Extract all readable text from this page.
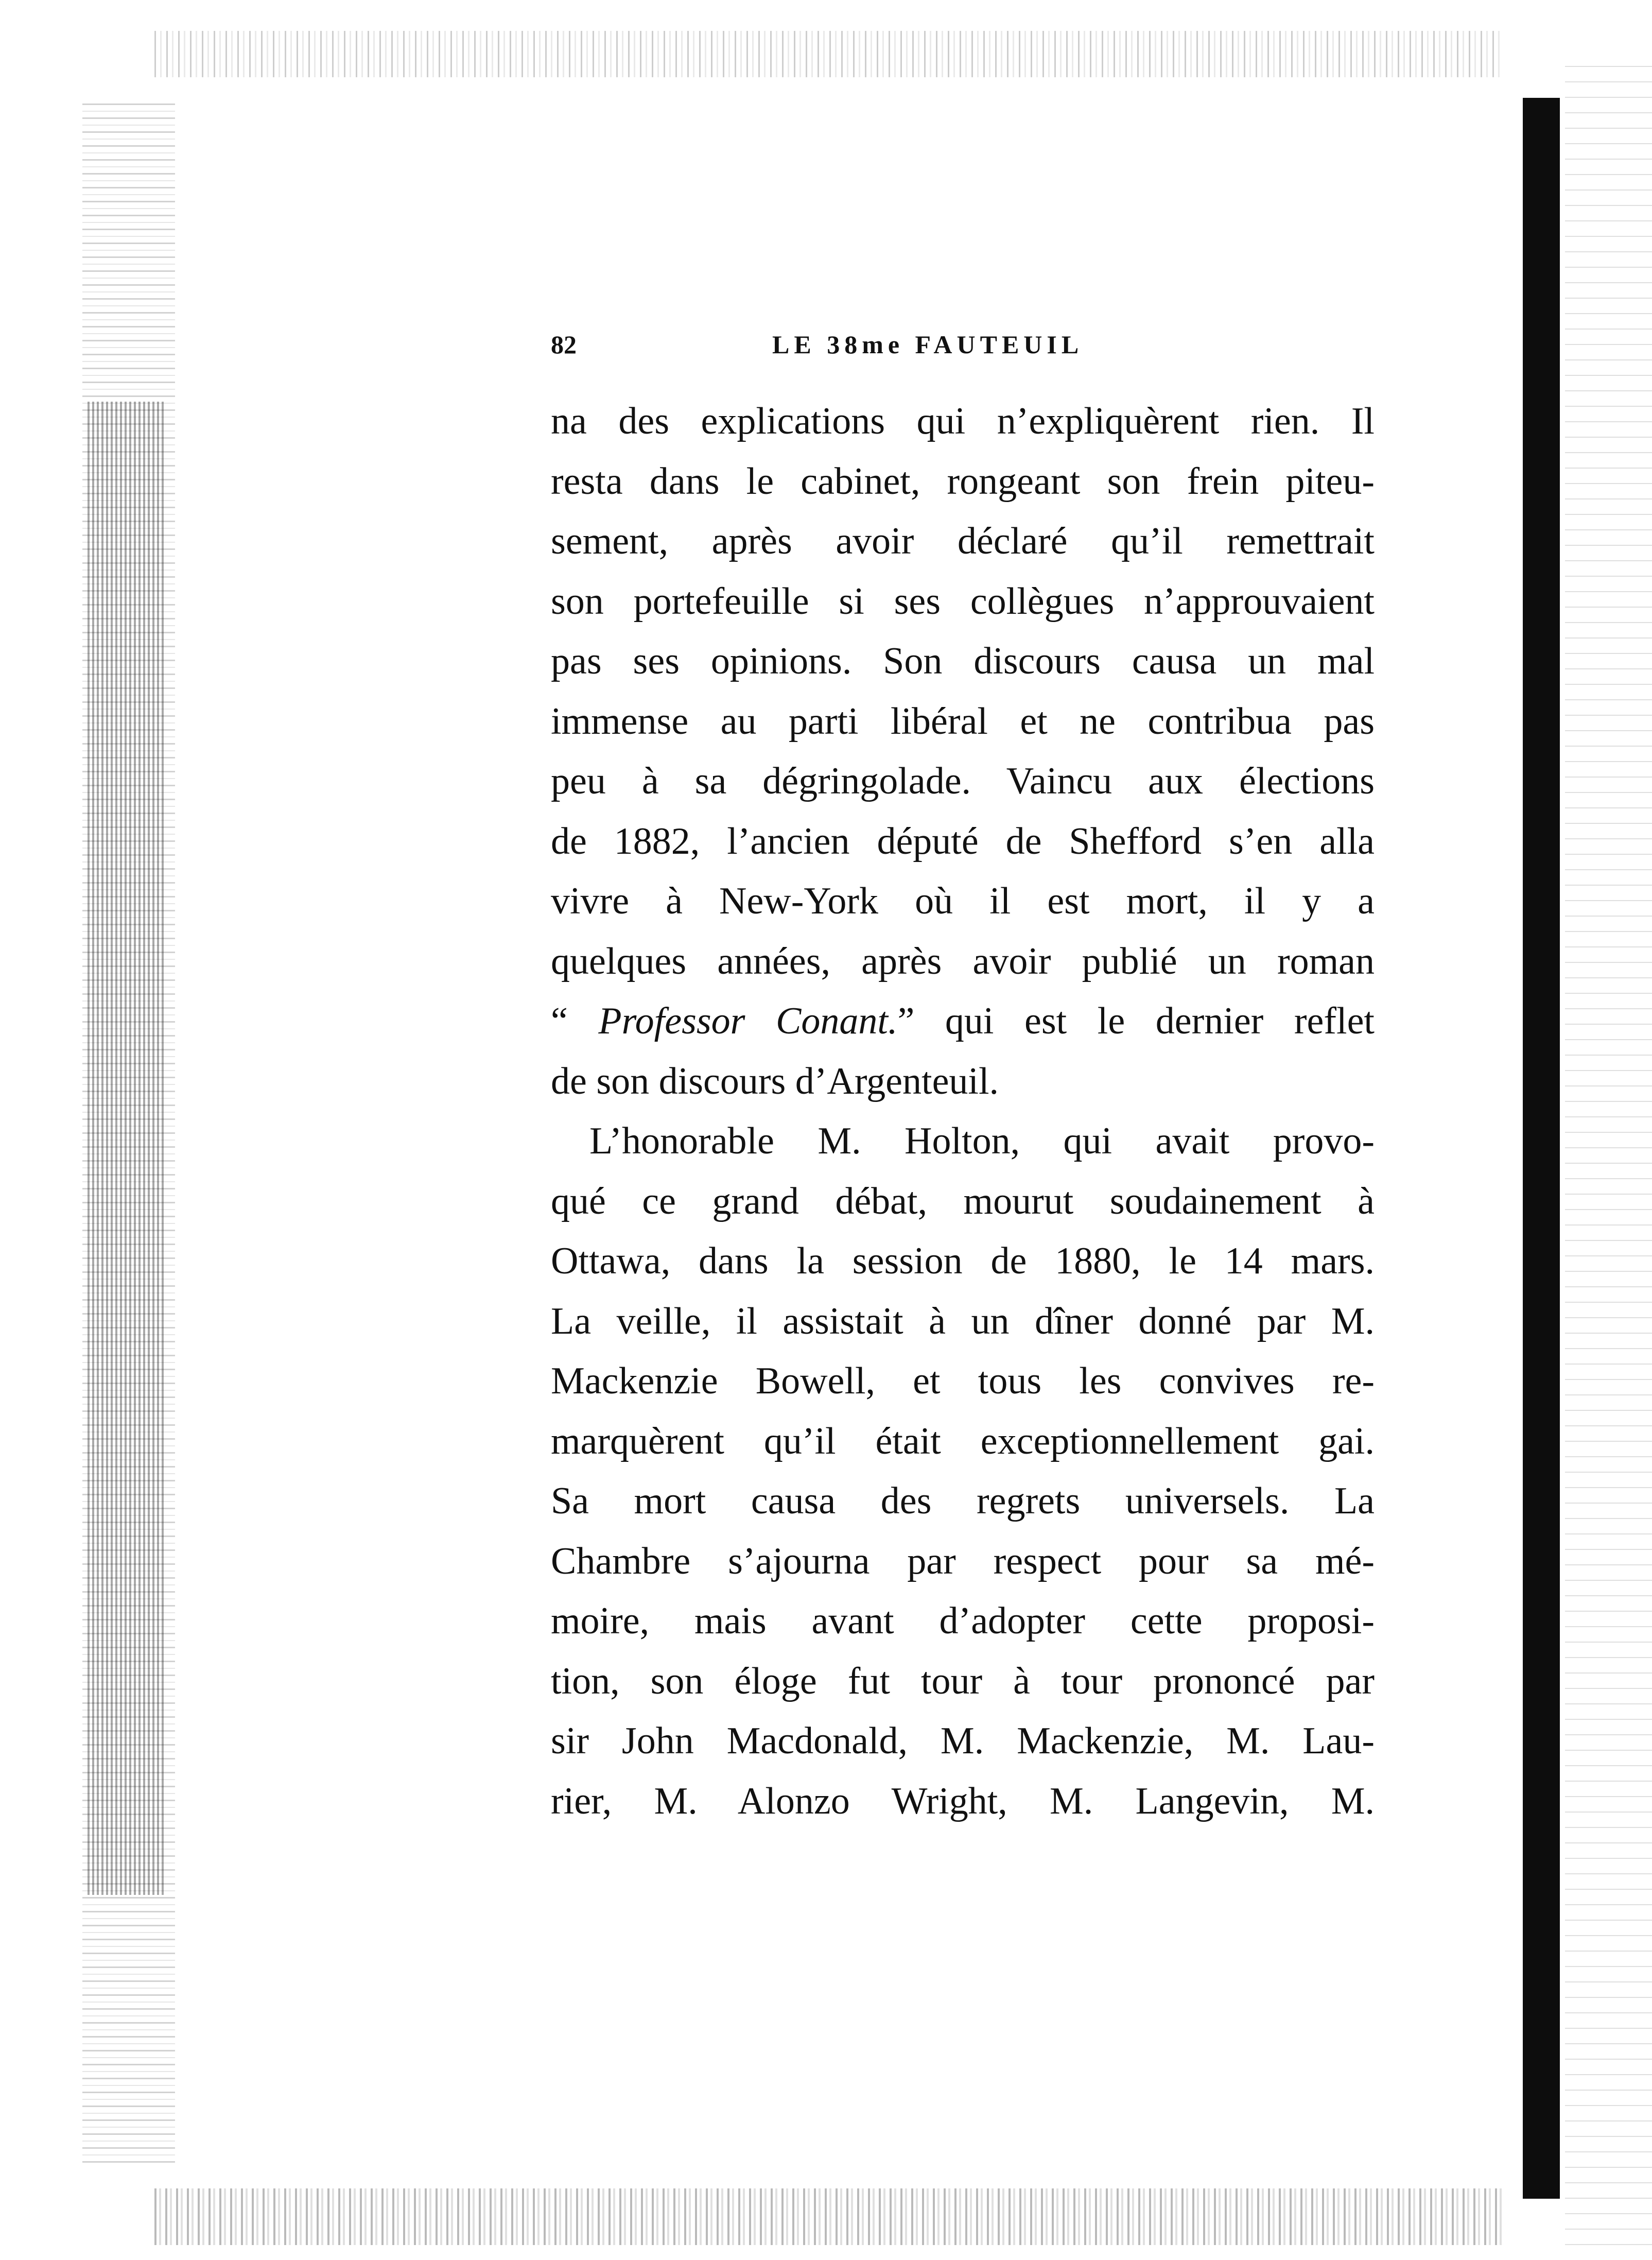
82	LE 38me FAUTEUIL
na des explications qui n’expliquèrent rien. Il
resta dans le cabinet, rongeant son frein piteu-
sement, après avoir déclaré qu’il remettrait
son portefeuille si ses collègues n’approuvaient
pas ses opinions. Son discours causa un mal
immense au parti libéral et ne contribua pas
peu à sa dégringolade. Vaincu aux élections
de 1882, l’ancien député de Shefford s’en alla
vivre à New-York où il est mort, il y a
quelques années, après avoir publié un roman
“ Professor Conant.” qui est le dernier reflet
de son discours d’Argenteuil.
L’honorable M. Holton, qui avait provo-
qué ce grand débat, mourut soudainement à
Ottawa, dans la session de 1880, le 14 mars.
La veille, il assistait à un dîner donné par M.
Mackenzie Bowell, et tous les convives re-
marquèrent qu’il était exceptionnellement gai.
Sa mort causa des regrets universels. La
Chambre s’ajourna par respect pour sa mé-
moire, mais avant d’adopter cette proposi-
tion, son éloge fut tour à tour prononcé par
sir John Macdonald, M. Mackenzie, M. Lau-
rier, M. Alonzo Wright, M. Langevin, M.
